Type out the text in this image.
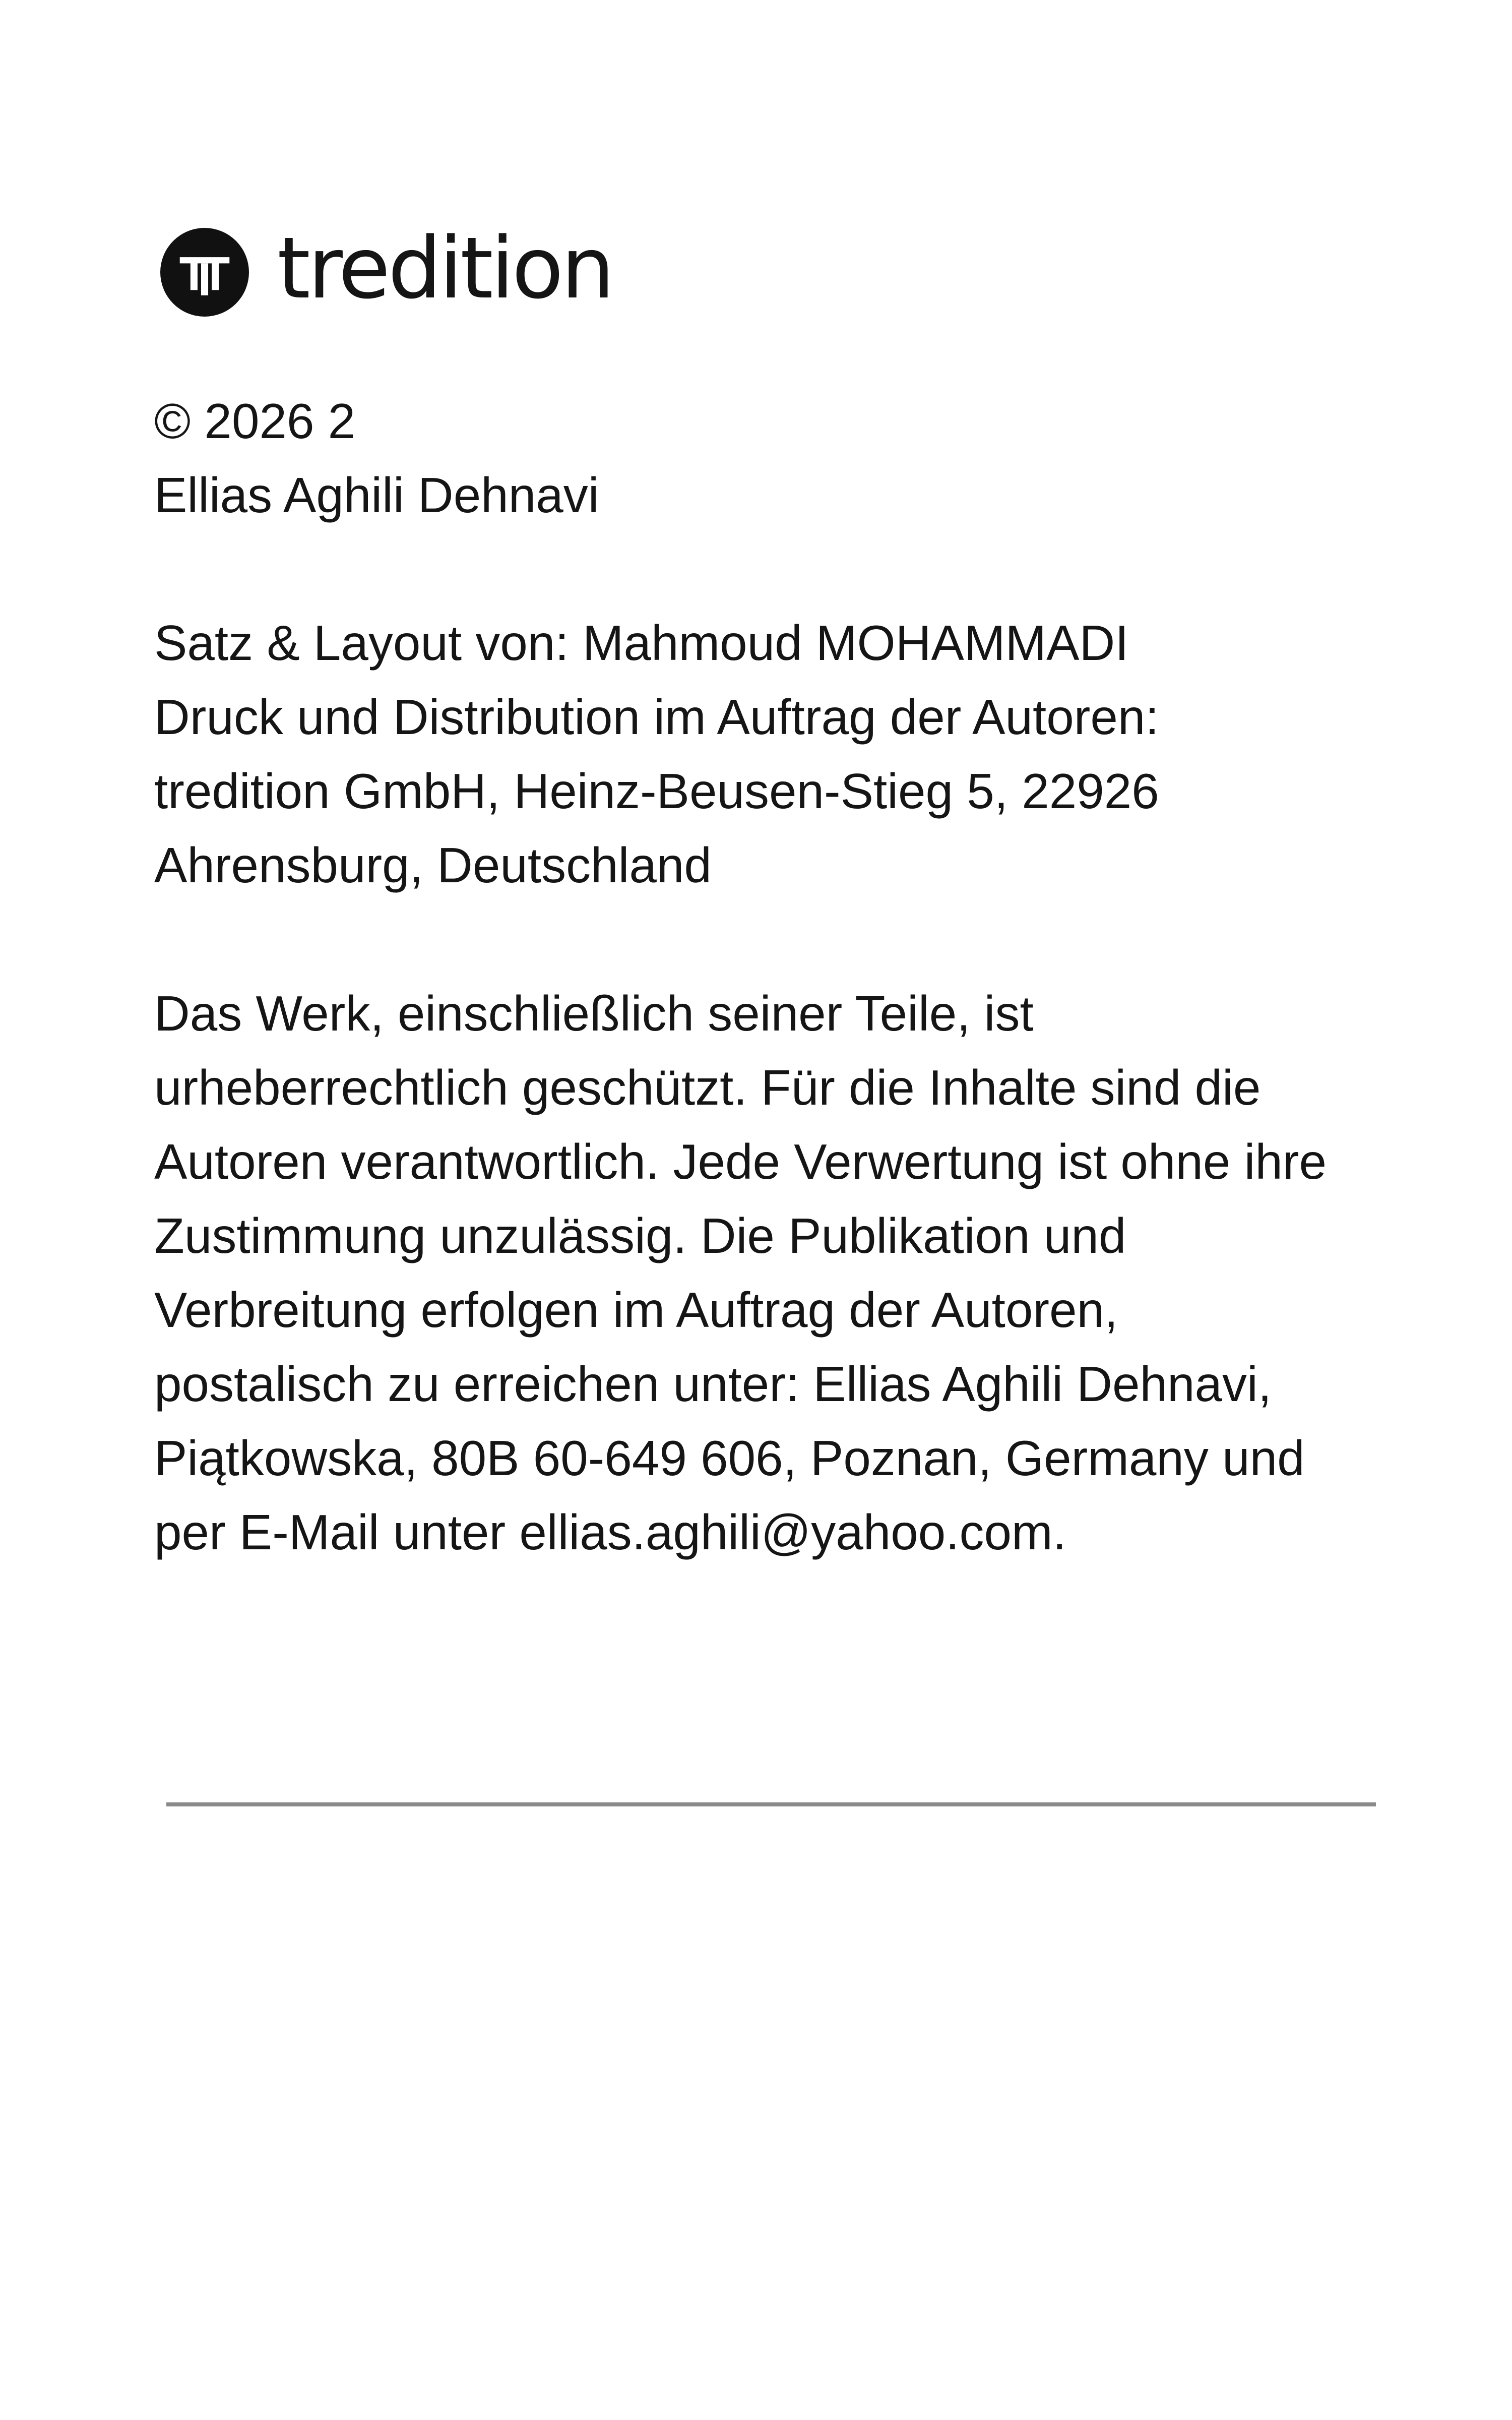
tredition
© 2026 2
Ellias Aghili Dehnavi
Satz & Layout von: Mahmoud MOHAMMADI
Druck und Distribution im Auftrag der Autoren:
tredition GmbH, Heinz-Beusen-Stieg 5, 22926
Ahrensburg, Deutschland
Das Werk, einschließlich seiner Teile, ist
urheberrechtlich geschützt. Für die Inhalte sind die
Autoren verantwortlich. Jede Verwertung ist ohne ihre
Zustimmung unzulässig. Die Publikation und
Verbreitung erfolgen im Auftrag der Autoren,
postalisch zu erreichen unter: Ellias Aghili Dehnavi,
Piątkowska, 80B 60-649 606, Poznan, Germany und
per E-Mail unter ellias.aghili@yahoo.com.
